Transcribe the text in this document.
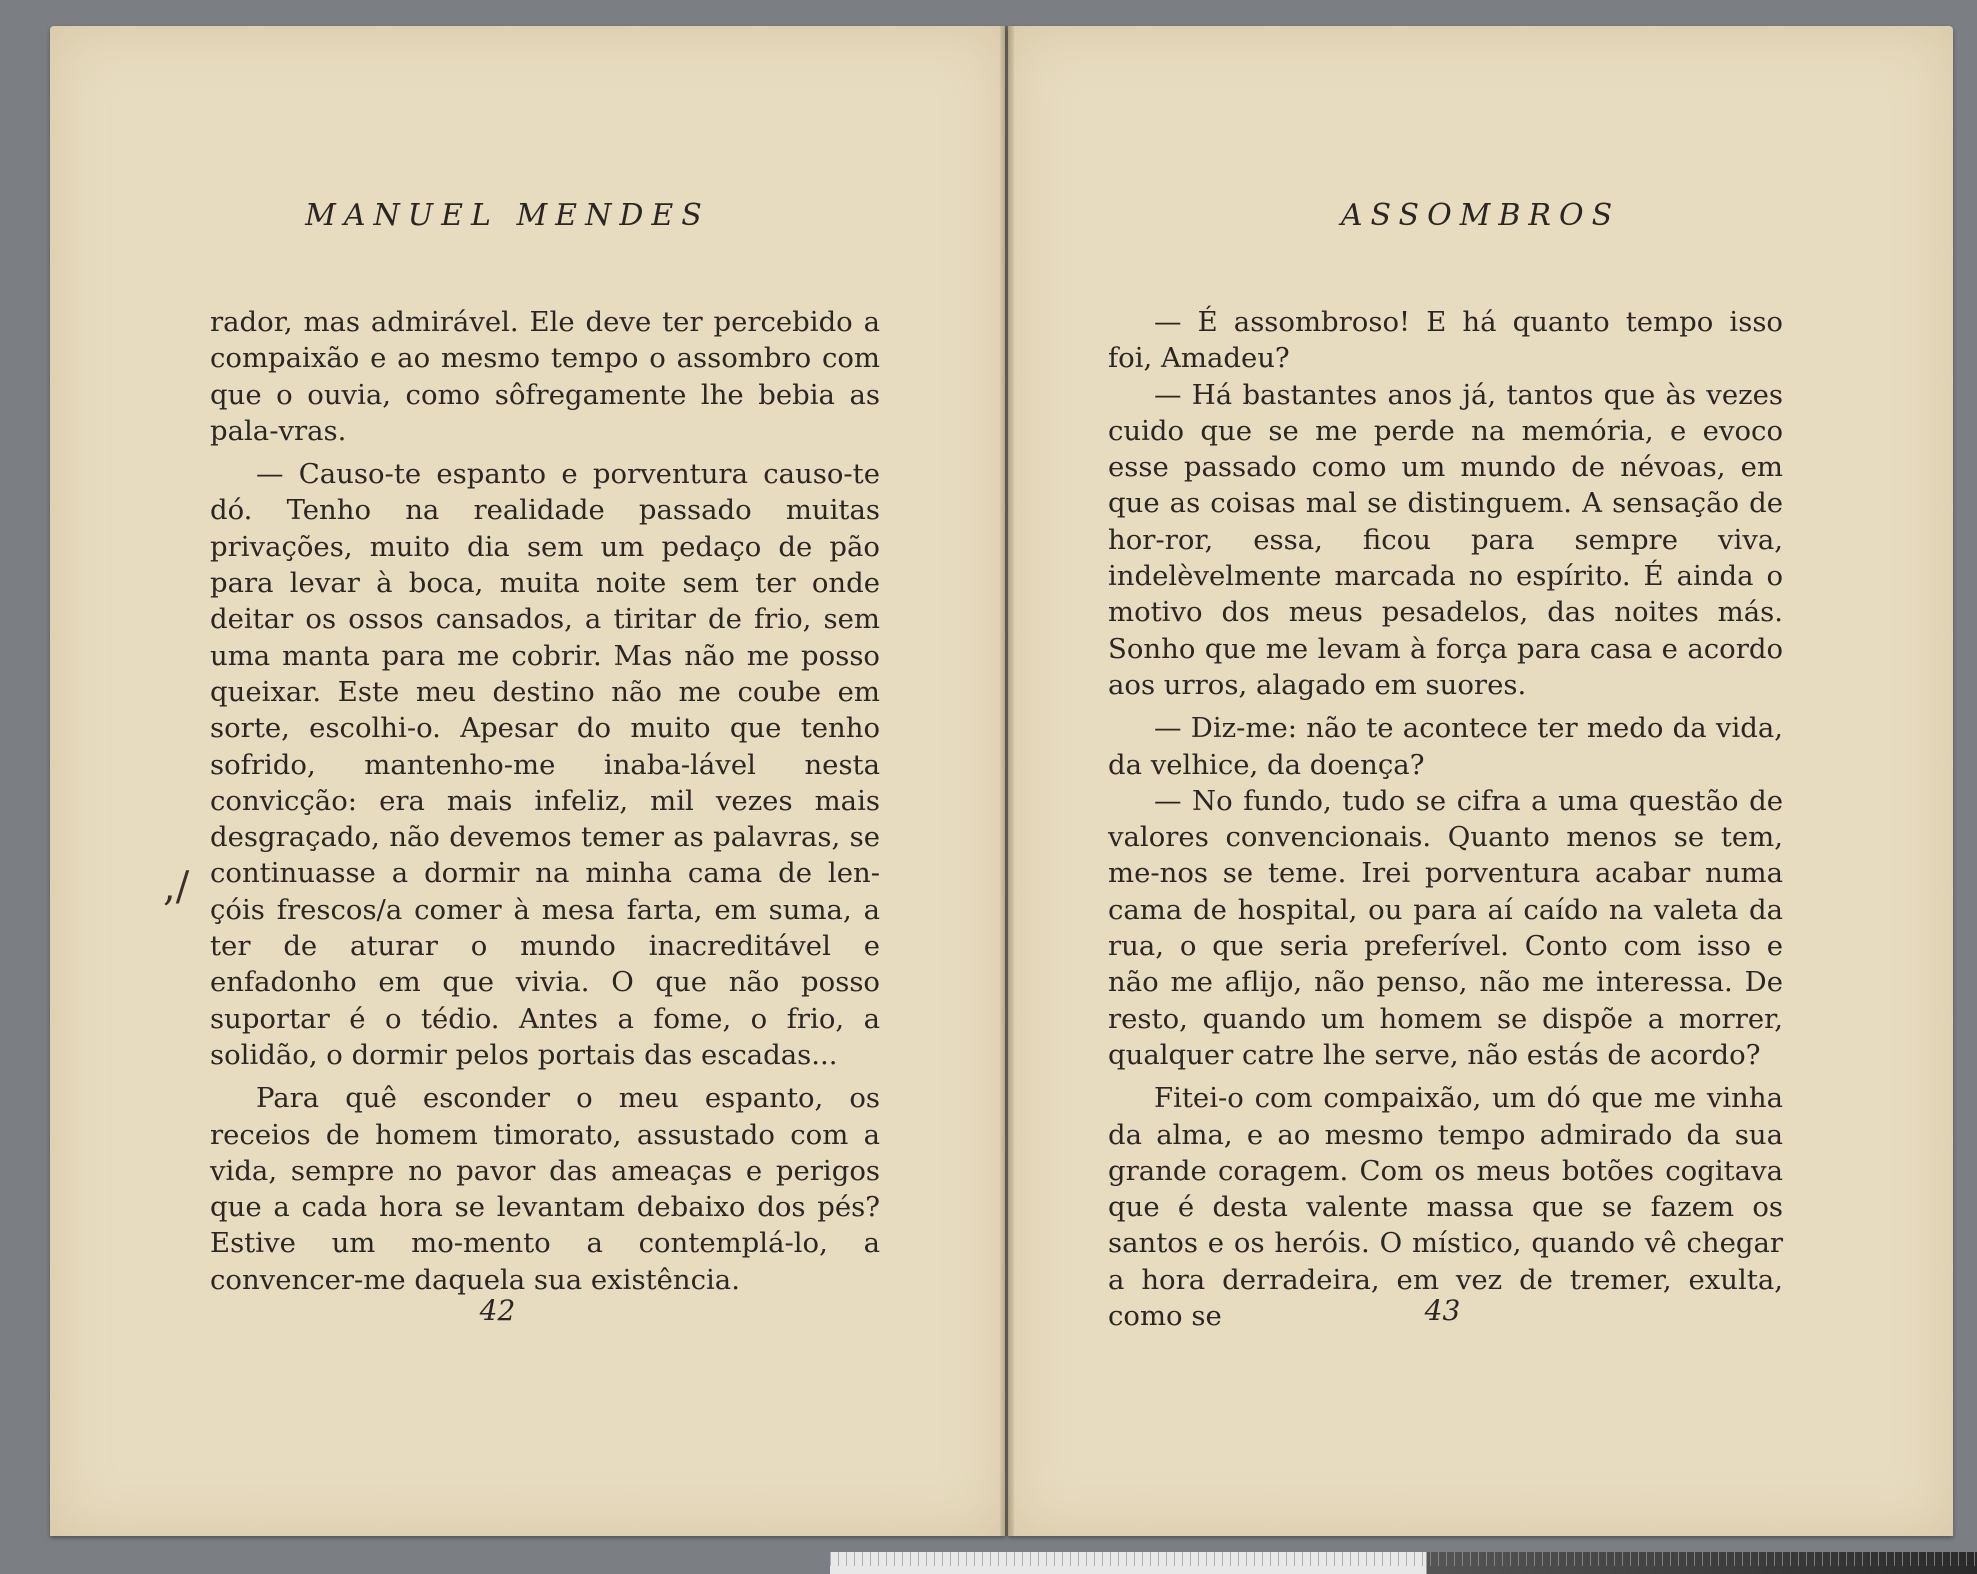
MANUEL MENDES

rador, mas admirável. Ele deve ter percebido a compaixão e ao mesmo tempo o assombro com que o ouvia, como sôfregamente lhe bebia as pala-vras.

— Causo-te espanto e porventura causo-te dó. Tenho na realidade passado muitas privações, muito dia sem um pedaço de pão para levar à boca, muita noite sem ter onde deitar os ossos cansados, a tiritar de frio, sem uma manta para me cobrir. Mas não me posso queixar. Este meu destino não me coube em sorte, escolhi-o. Apesar do muito que tenho sofrido, mantenho-me inaba-lável nesta convicção: era mais infeliz, mil vezes mais desgraçado, não devemos temer as palavras, se continuasse a dormir na minha cama de len-çóis frescos/a comer à mesa farta, em suma, a ter de aturar o mundo inacreditável e enfadonho em que vivia. O que não posso suportar é o tédio. Antes a fome, o frio, a solidão, o dormir pelos portais das escadas...

Para quê esconder o meu espanto, os receios de homem timorato, assustado com a vida, sempre no pavor das ameaças e perigos que a cada hora se levantam debaixo dos pés? Estive um mo-mento a contemplá-lo, a convencer-me daquela sua existência.

42
,/
ASSOMBROS

— É assombroso! E há quanto tempo isso foi, Amadeu?

— Há bastantes anos já, tantos que às vezes cuido que se me perde na memória, e evoco esse passado como um mundo de névoas, em que as coisas mal se distinguem. A sensação de hor-ror, essa, ficou para sempre viva, indelèvelmente marcada no espírito. É ainda o motivo dos meus pesadelos, das noites más. Sonho que me levam à força para casa e acordo aos urros, alagado em suores.

— Diz-me: não te acontece ter medo da vida, da velhice, da doença?

— No fundo, tudo se cifra a uma questão de valores convencionais. Quanto menos se tem, me-nos se teme. Irei porventura acabar numa cama de hospital, ou para aí caído na valeta da rua, o que seria preferível. Conto com isso e não me aflijo, não penso, não me interessa. De resto, quando um homem se dispõe a morrer, qualquer catre lhe serve, não estás de acordo?

Fitei-o com compaixão, um dó que me vinha da alma, e ao mesmo tempo admirado da sua grande coragem. Com os meus botões cogitava que é desta valente massa que se fazem os santos e os heróis. O místico, quando vê chegar a hora derradeira, em vez de tremer, exulta, como se	43
